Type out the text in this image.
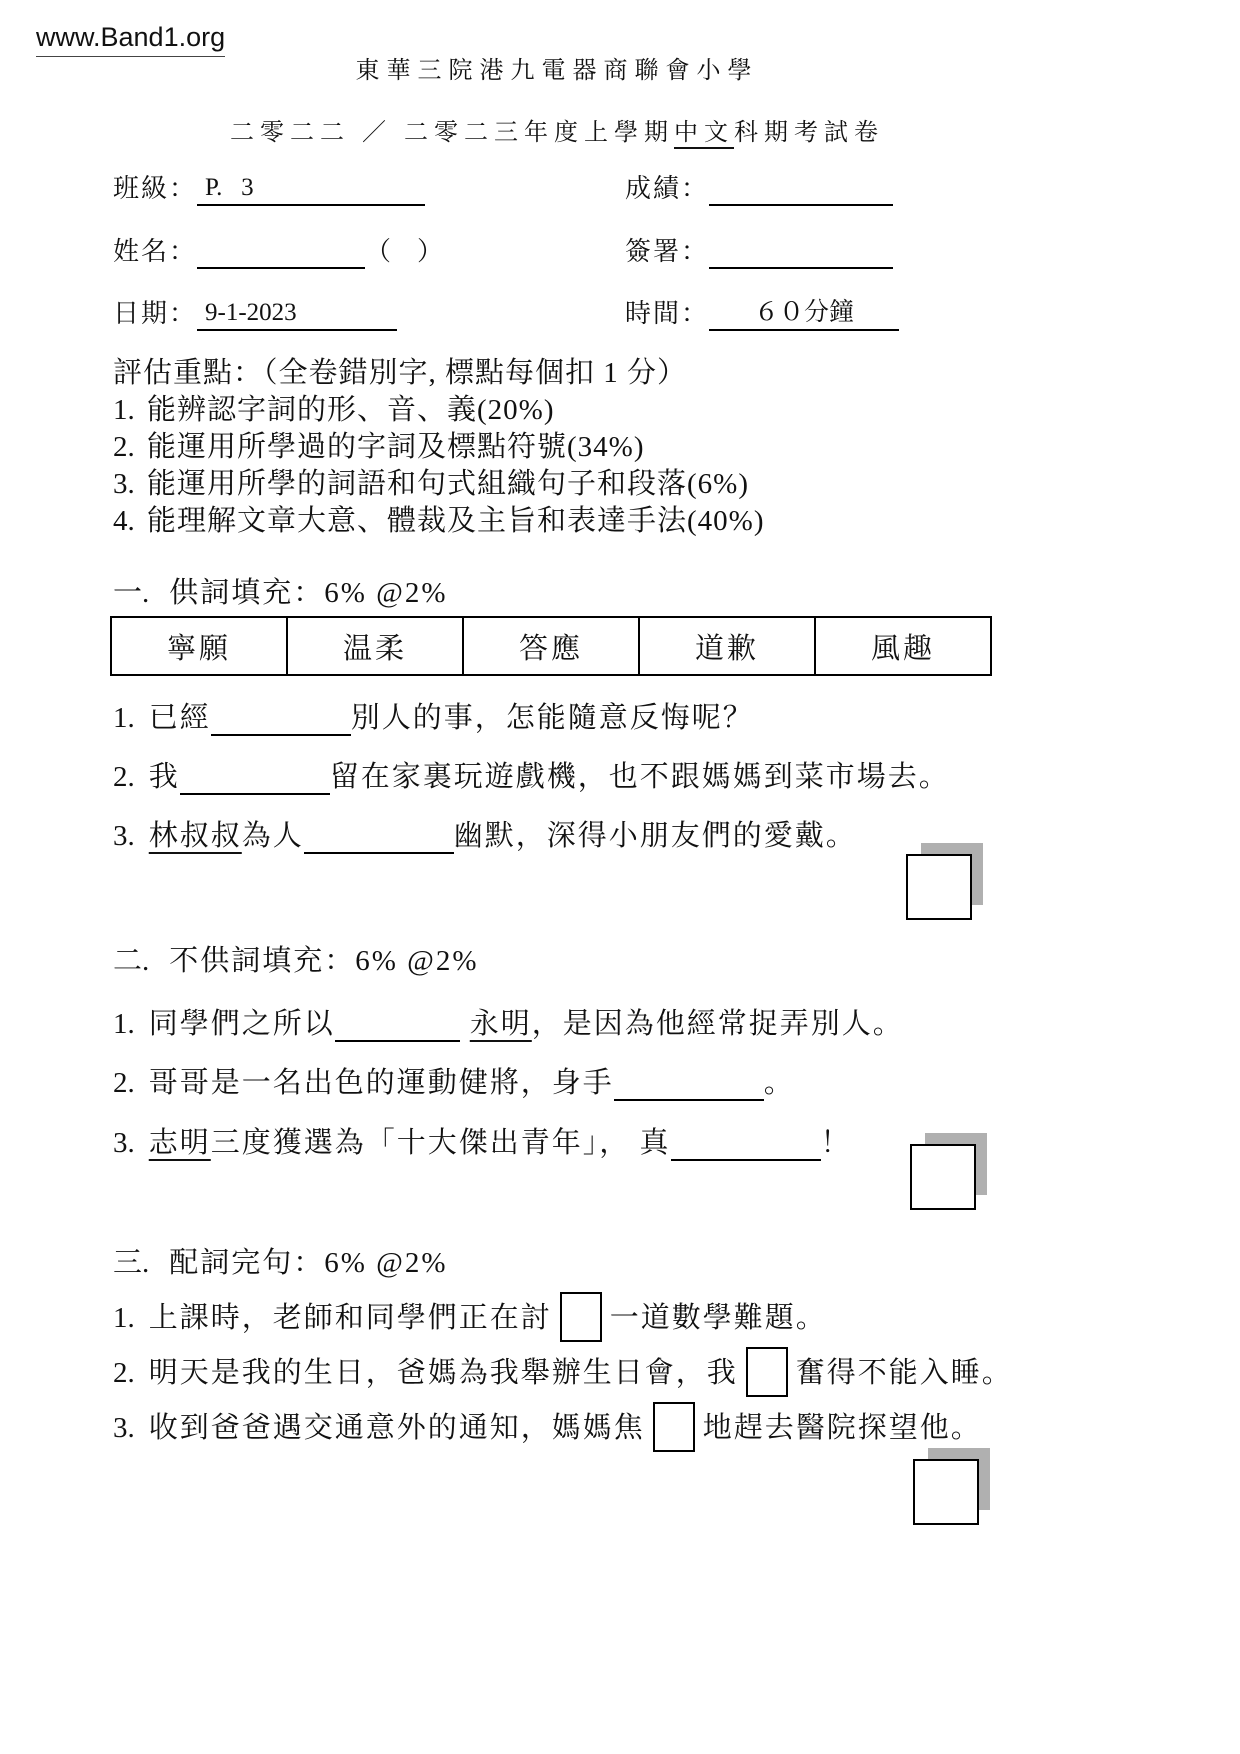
www.Band1.org
東華三院港九電器商聯會小學
二零二二 ／ 二零二三年度上學期中文科期考試卷
班級： P.   3	成績：
姓名：	（　）	簽署：
日期： 9-1-2023	時間： ６０分鐘
評估重點：（全卷錯別字, 標點每個扣 1 分）
1. 能辨認字詞的形、音、義(20%)
2. 能運用所學過的字詞及標點符號(34%)
3. 能運用所學的詞語和句式組織句子和段落(6%)
4. 能理解文章大意、體裁及主旨和表達手法(40%)
一. 供詞填充：6% @2%
寧願	温柔	答應	道歉	風趣
1. 已經	別人的事，怎能隨意反悔呢？
2. 我	留在家裏玩遊戲機，也不跟媽媽到菜市場去。
3. 林叔叔為人	幽默，深得小朋友們的愛戴。
二. 不供詞填充：6% @2%
1. 同學們之所以	永明，是因為他經常捉弄別人。
2. 哥哥是一名出色的運動健將，身手	。
3. 志明三度獲選為「十大傑出青年」， 真	！
三. 配詞完句：6% @2%
1. 上課時，老師和同學們正在討 一道數學難題。
2. 明天是我的生日，爸媽為我舉辦生日會，我 奮得不能入睡。
3. 收到爸爸遇交通意外的通知，媽媽焦 地趕去醫院探望他。
